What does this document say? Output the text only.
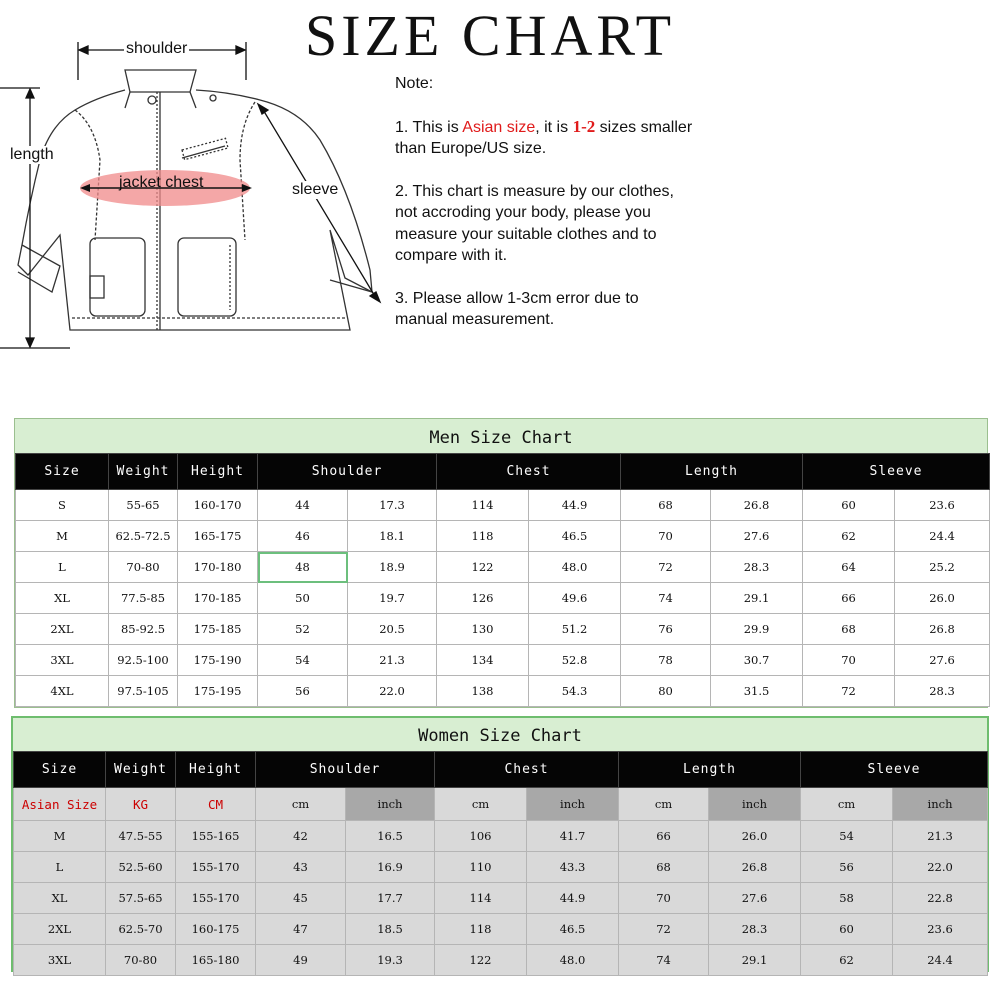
SIZE CHART
shoulder
length
jacket chest	sleeve

Note:

1. This is Asian size, it is 1-2 sizes smaller than Europe/US size.

2. This chart is measure by our clothes, not accroding your body, please you measure your suitable clothes and to compare with it.

3. Please allow 1-3cm error due to manual measurement.

Men Size Chart
Size	Weight	Height	Shoulder		Chest		Length		Sleeve	
S	55-65	160-170	44	17.3	114	44.9	68	26.8	60	23.6
M	62.5-72.5	165-175	46	18.1	118	46.5	70	27.6	62	24.4
L	70-80	170-180	48	18.9	122	48.0	72	28.3	64	25.2
XL	77.5-85	170-185	50	19.7	126	49.6	74	29.1	66	26.0
2XL	85-92.5	175-185	52	20.5	130	51.2	76	29.9	68	26.8
3XL	92.5-100	175-190	54	21.3	134	52.8	78	30.7	70	27.6
4XL	97.5-105	175-195	56	22.0	138	54.3	80	31.5	72	28.3
Women Size Chart
Size	Weight	Height	Shoulder		Chest		Length		Sleeve	
Asian Size	KG	CM	cm	inch	cm	inch	cm	inch	cm	inch
M	47.5-55	155-165	42	16.5	106	41.7	66	26.0	54	21.3
L	52.5-60	155-170	43	16.9	110	43.3	68	26.8	56	22.0
XL	57.5-65	155-170	45	17.7	114	44.9	70	27.6	58	22.8
2XL	62.5-70	160-175	47	18.5	118	46.5	72	28.3	60	23.6
3XL	70-80	165-180	49	19.3	122	48.0	74	29.1	62	24.4
